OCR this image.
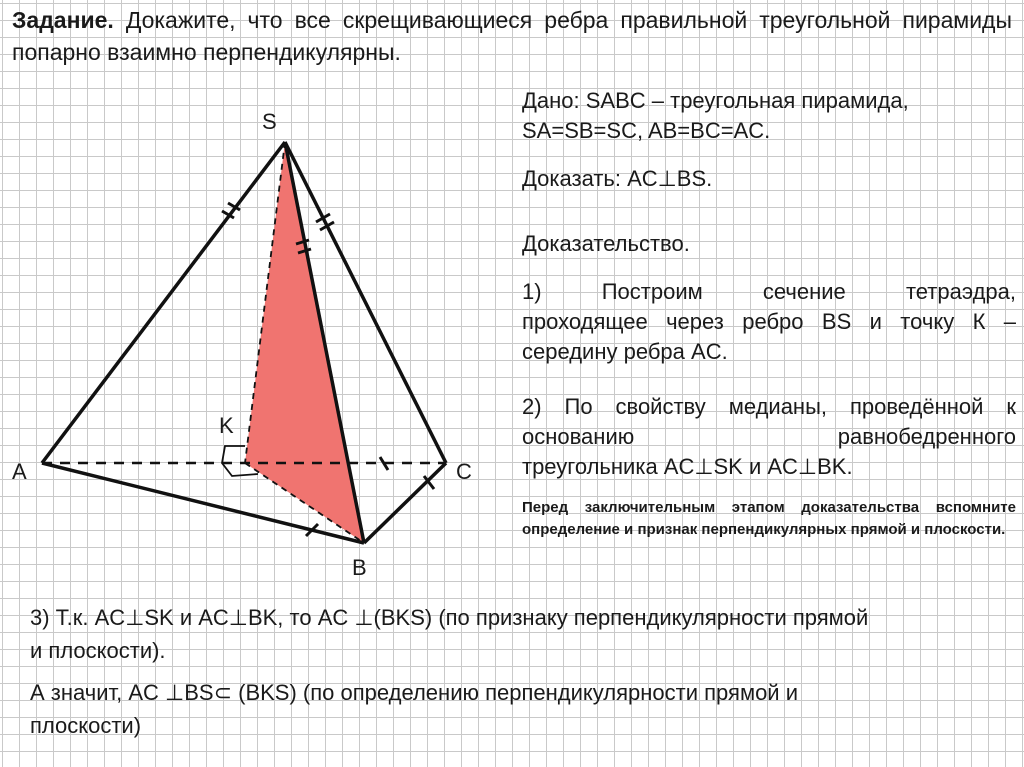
Задание. Докажите, что все скрещивающиеся ребра правильной треугольной пирамиды попарно взаимно перпендикулярны.

S
A	C
B
K
Дано: SABC – треугольная пирамида,
SA=SB=SC, AB=BC=AC.
Доказать: AC⊥BS.
Доказательство.
1) Построим сечение тетраэдра,
проходящее через ребро BS и точку К –
середину ребра AC.
2) По свойству медианы, проведённой к
основанию равнобедренного
треугольника AC⊥SK и AC⊥BK.

Перед заключительным этапом доказательства вспомните определение и признак перпендикулярных прямой и плоскости.

3) Т.к. AC⊥SK и AC⊥BK, то AC ⊥(BKS) (по признаку перпендикулярности прямой
и плоскости).
А значит, AC ⊥BS⊂ (BKS) (по определению перпендикулярности прямой и
плоскости)
